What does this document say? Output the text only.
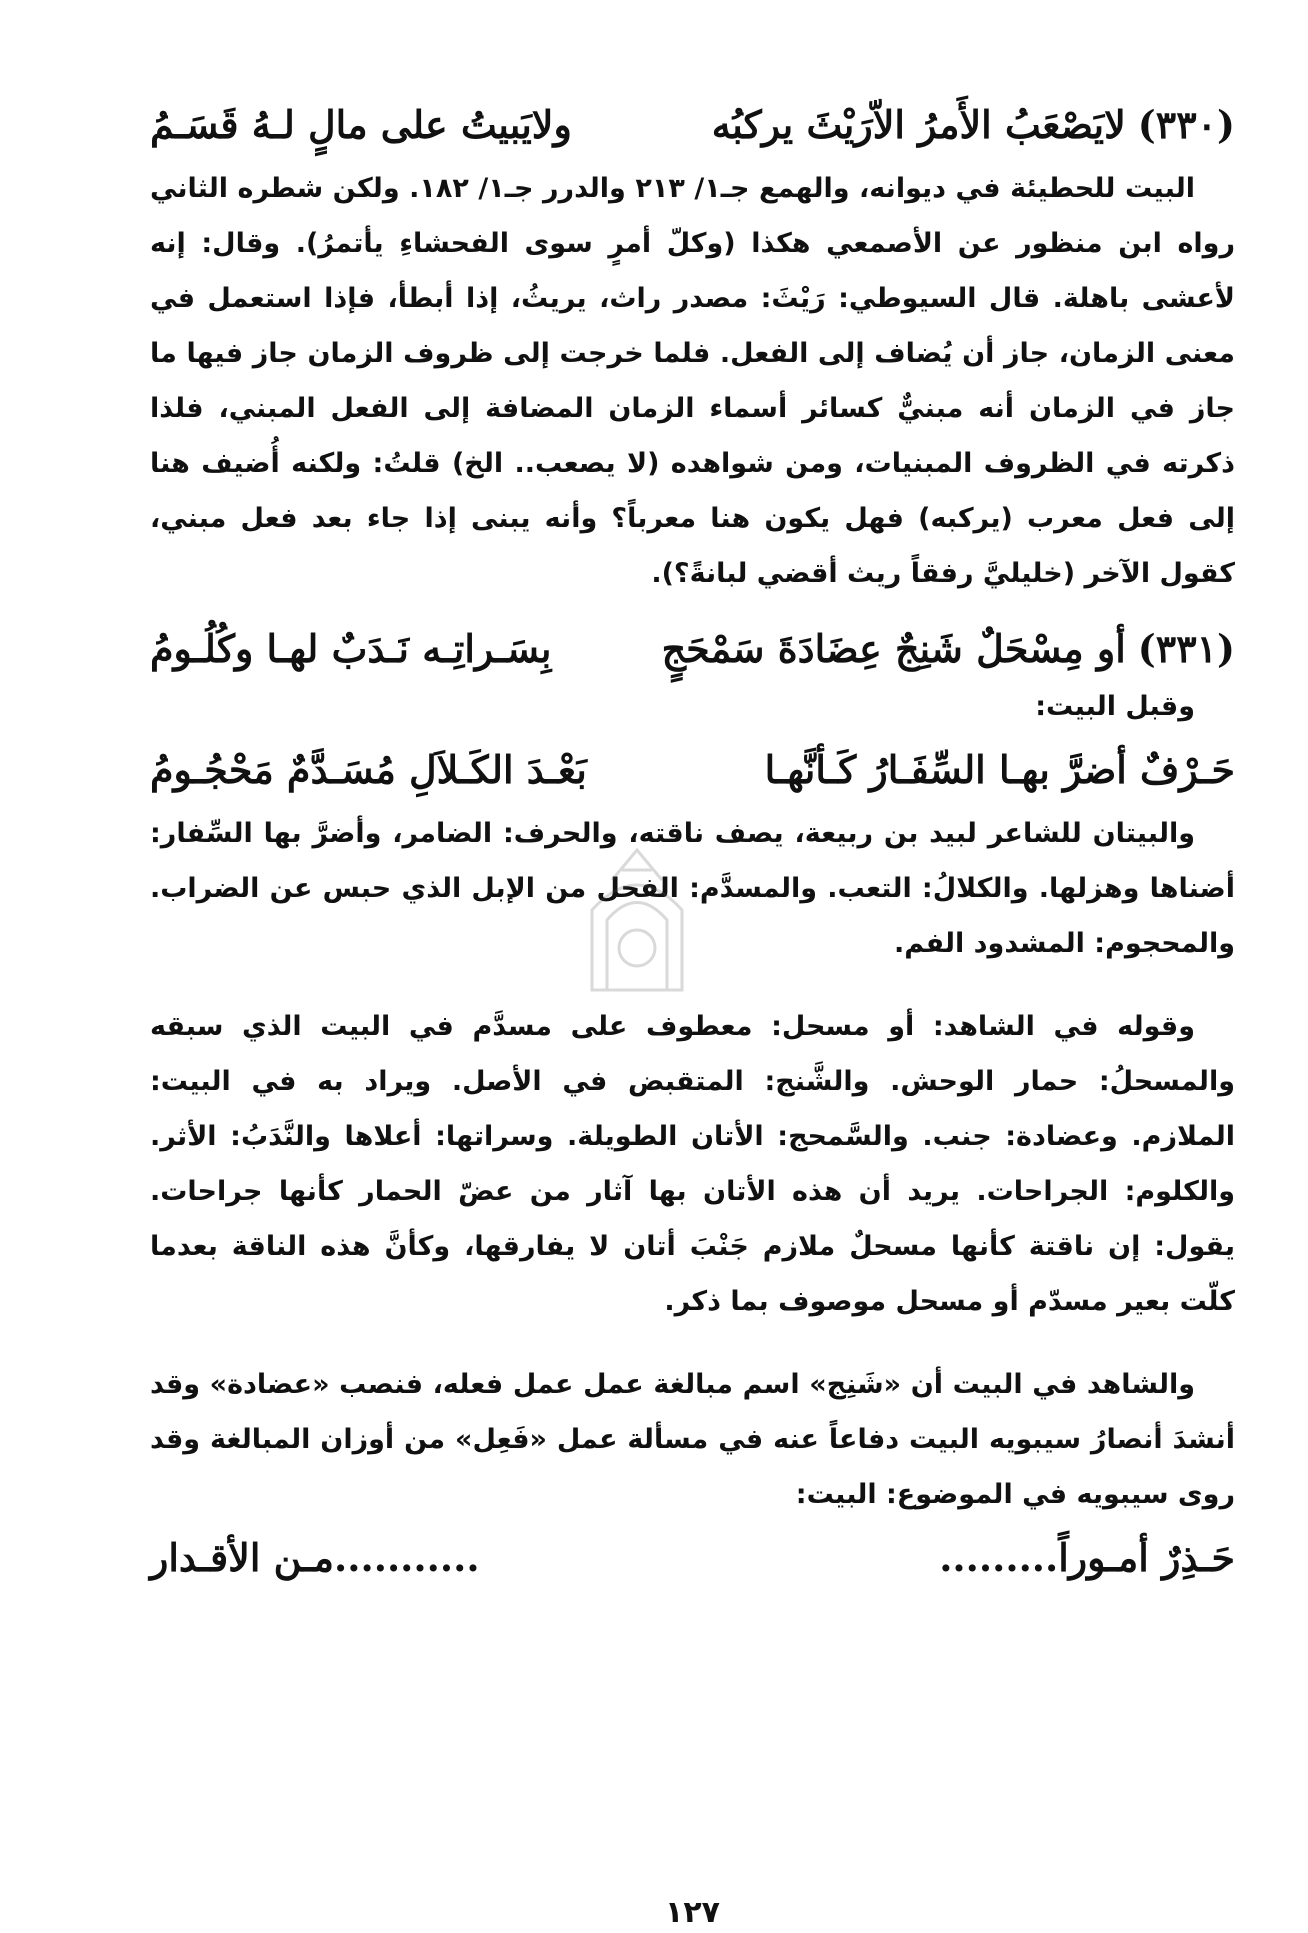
(٣٣٠)لايَصْعَبُ الأَمرُ الاّرَيْثَ يركبُه
ولايَبيتُ على مالٍ لـهُ قَسَـمُ

البيت للحطيئة في ديوانه، والهمع جـ١/ ٢١٣ والدرر جـ١/ ١٨٢. ولكن شطره الثاني رواه ابن منظور عن الأصمعي هكذا (وكلّ أمرٍ سوى الفحشاءِ يأتمرُ). وقال: إنه لأعشى باهلة. قال السيوطي: رَيْثَ: مصدر راث، يريثُ، إذا أبطأ، فإذا استعمل في معنى الزمان، جاز أن يُضاف إلى الفعل. فلما خرجت إلى ظروف الزمان جاز فيها ما جاز في الزمان أنه مبنيٌّ كسائر أسماء الزمان المضافة إلى الفعل المبني، فلذا ذكرته في الظروف المبنيات، ومن شواهده (لا يصعب.. الخ) قلتُ: ولكنه أُضيف هنا إلى فعل معرب (يركبه) فهل يكون هنا معرباً؟ وأنه يبنى إذا جاء بعد فعل مبني، كقول الآخر (خليليَّ رفقاً ريث أقضي لبانةً؟).

(٣٣١)أو مِسْحَلٌ شَنِجٌ عِضَادَةَ سَمْحَجٍ
بِسَـراتِـه نَـدَبٌ لهـا وكُلُـومُ

وقبل البيت:

حَـرْفٌ أضرَّ بهـا السِّفَـارُ كَـأنَّهـا
بَعْـدَ الكَـلاَلِ مُسَـدَّمٌ مَحْجُـومُ

والبيتان للشاعر لبيد بن ربيعة، يصف ناقته، والحرف: الضامر، وأضرَّ بها السِّفار: أضناها وهزلها. والكلالُ: التعب. والمسدَّم: الفحل من الإبل الذي حبس عن الضراب. والمحجوم: المشدود الفم.

وقوله في الشاهد: أو مسحل: معطوف على مسدَّم في البيت الذي سبقه والمسحلُ: حمار الوحش. والشَّنج: المتقبض في الأصل. ويراد به في البيت: الملازم. وعضادة: جنب. والسَّمحج: الأتان الطويلة. وسراتها: أعلاها والنَّدَبُ: الأثر. والكلوم: الجراحات. يريد أن هذه الأتان بها آثار من عضّ الحمار كأنها جراحات. يقول: إن ناقتة كأنها مسحلٌ ملازم جَنْبَ أتان لا يفارقها، وكأنَّ هذه الناقة بعدما كلّت بعير مسدّم أو مسحل موصوف بما ذكر.

والشاهد في البيت أن «شَنِج» اسم مبالغة عمل عمل فعله، فنصب «عضادة» وقد أنشدَ أنصارُ سيبويه البيت دفاعاً عنه في مسألة عمل «فَعِل» من أوزان المبالغة وقد روى سيبويه في الموضوع: البيت:

حَـذِرٌ أمـوراً.........
...........مـن الأقـدار
١٢٧
